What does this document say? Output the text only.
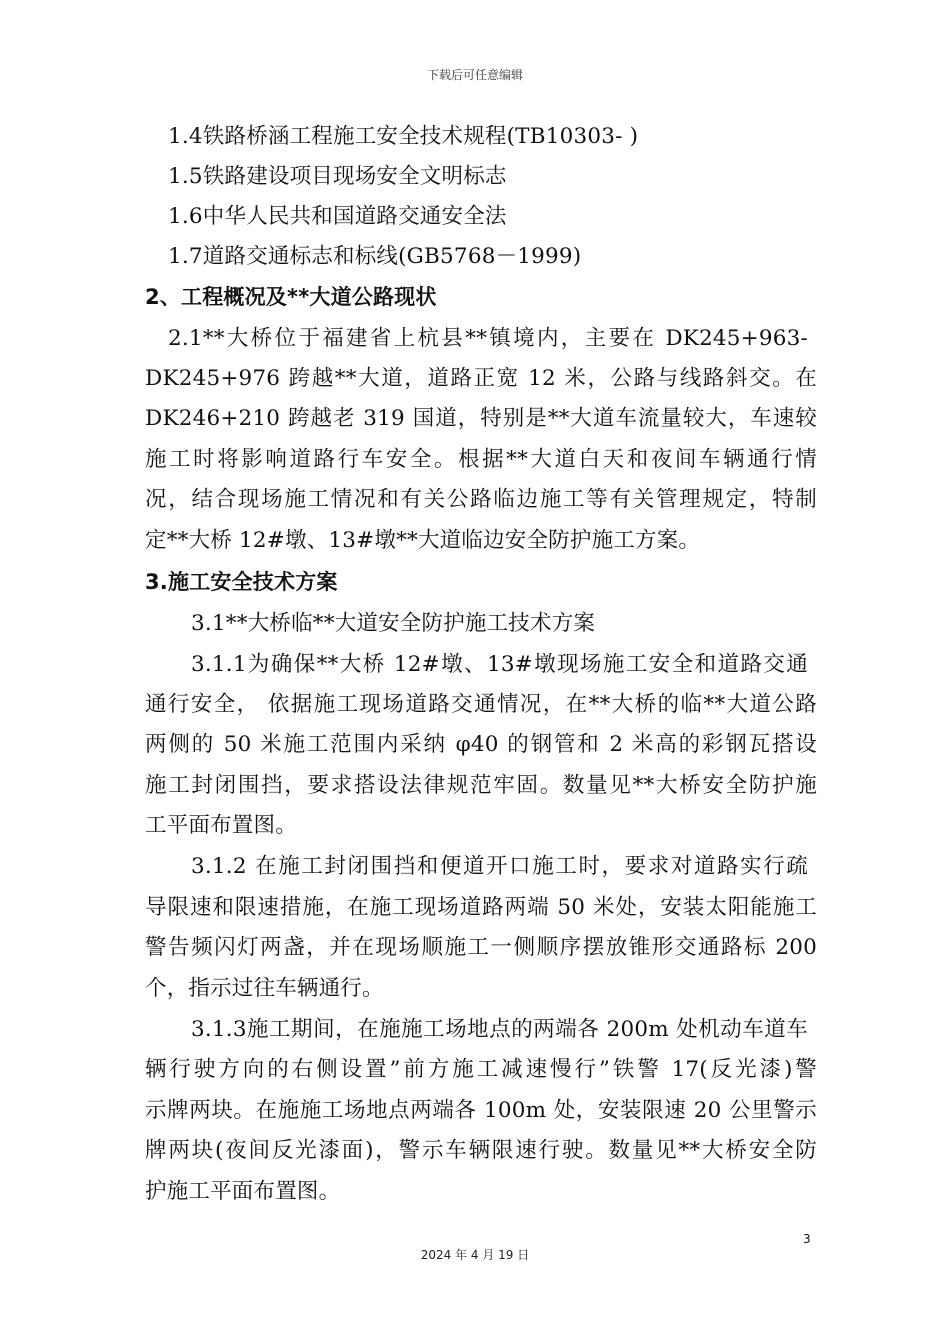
下载后可任意编辑
1.4铁路桥涵工程施工安全技术规程(TB10303- )
1.5铁路建设项目现场安全文明标志
1.6中华人民共和国道路交通安全法
1.7道路交通标志和标线(GB5768－1999)
2、工程概况及**大道公路现状
2.1**大桥位于福建省上杭县**镇境内，主要在 DK245+963-
DK245+976 跨越**大道，道路正宽 12 米，公路与线路斜交。在
DK246+210 跨越老 319 国道，特别是**大道车流量较大，车速较
施工时将影响道路行车安全。根据**大道白天和夜间车辆通行情
况，结合现场施工情况和有关公路临边施工等有关管理规定，特制
定**大桥 12#墩、13#墩**大道临边安全防护施工方案。
3.施工安全技术方案
3.1**大桥临**大道安全防护施工技术方案
3.1.1为确保**大桥 12#墩、13#墩现场施工安全和道路交通
通行安全， 依据施工现场道路交通情况，在**大桥的临**大道公路
两侧的 50 米施工范围内采纳 φ40 的钢管和 2 米高的彩钢瓦搭设
施工封闭围挡，要求搭设法律规范牢固。数量见**大桥安全防护施
工平面布置图。
3.1.2 在施工封闭围挡和便道开口施工时，要求对道路实行疏
导限速和限速措施，在施工现场道路两端 50 米处，安装太阳能施工
警告频闪灯两盏，并在现场顺施工一侧顺序摆放锥形交通路标 200
个，指示过往车辆通行。
3.1.3施工期间，在施施工场地点的两端各 200m 处机动车道车
辆行驶方向的右侧设置”前方施工减速慢行”铁警 17(反光漆)警
示牌两块。在施施工场地点两端各 100m 处，安装限速 20 公里警示
牌两块(夜间反光漆面)，警示车辆限速行驶。数量见**大桥安全防
护施工平面布置图。
3
2024 年 4 月 19 日
